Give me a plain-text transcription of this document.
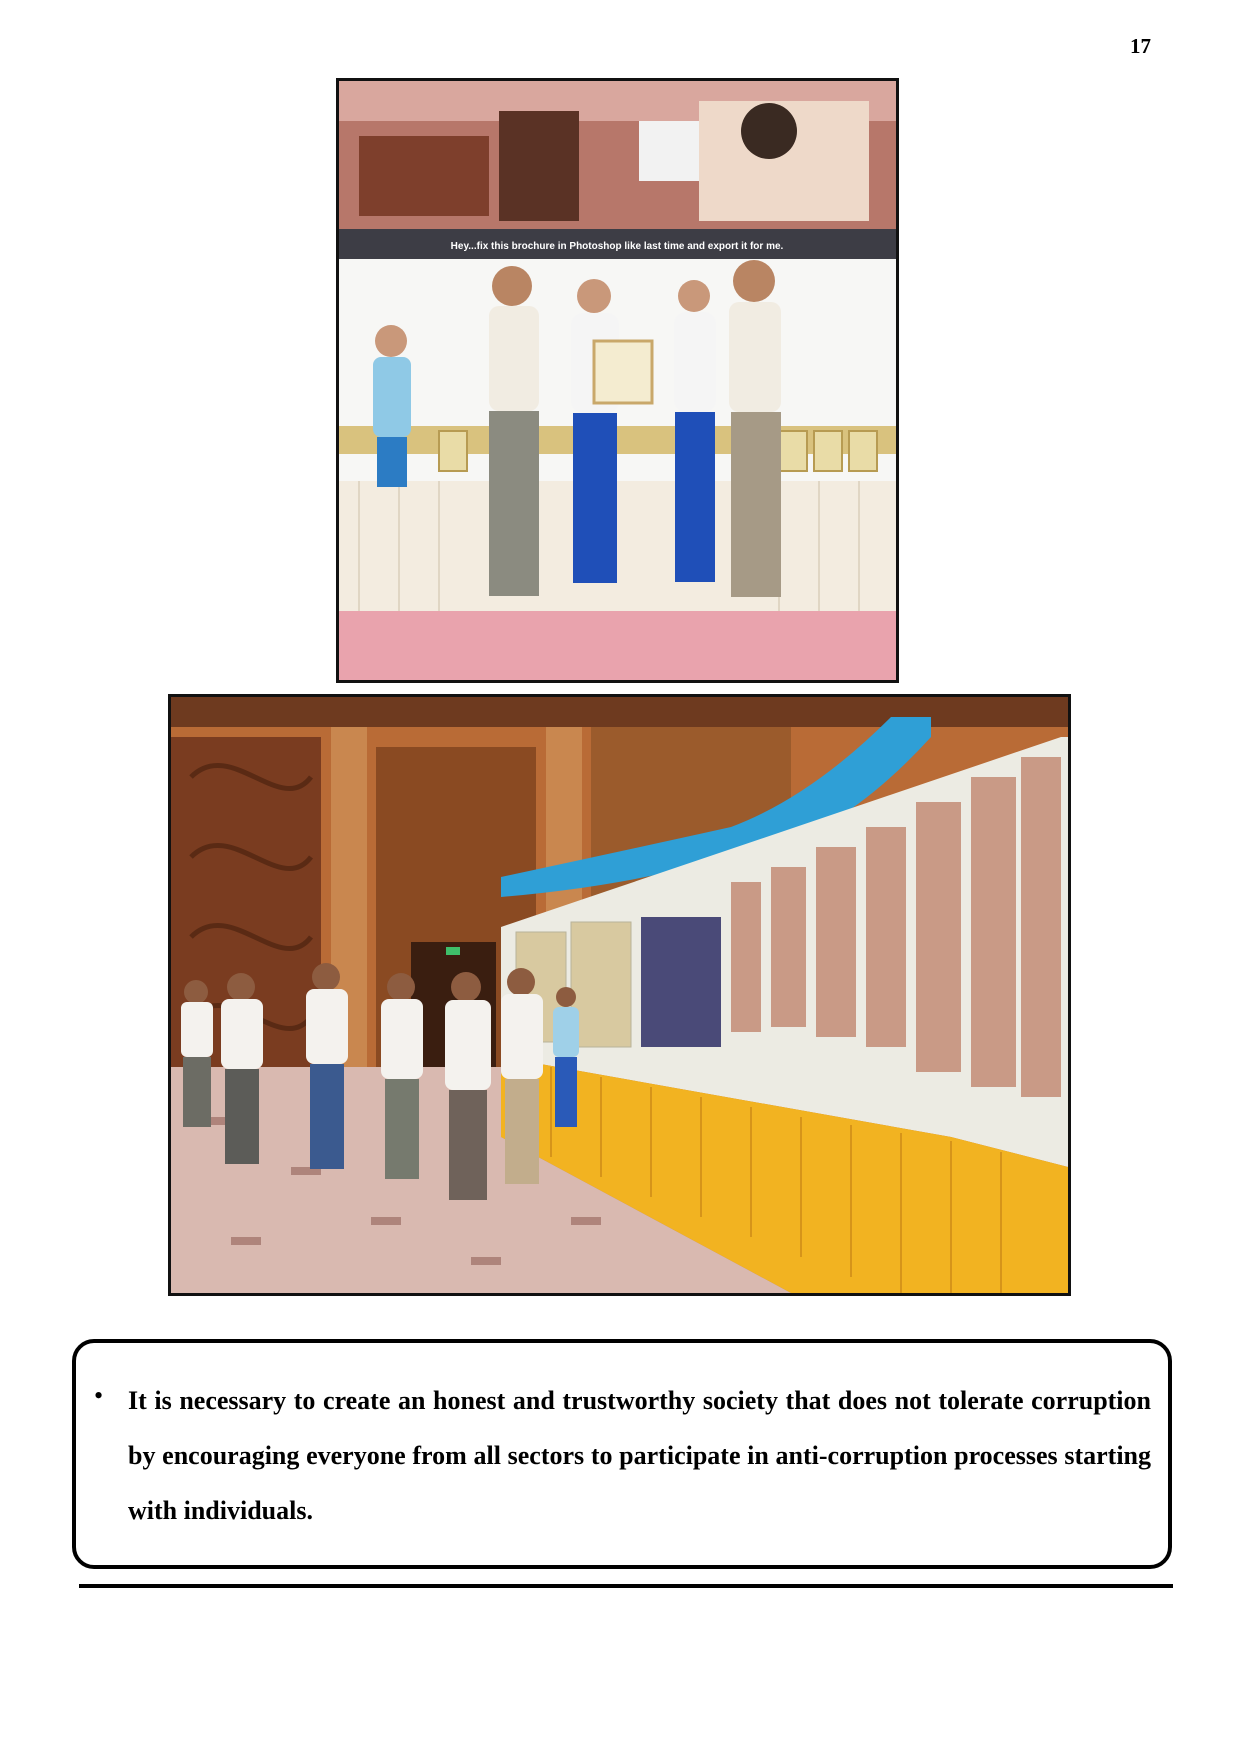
17
Hey...fix this brochure in Photoshop like last time and export it for me.
• It is necessary to create an honest and trustworthy society that does not tolerate corruption by encouraging everyone from all sectors to participate in anti-corruption processes starting with individuals.
